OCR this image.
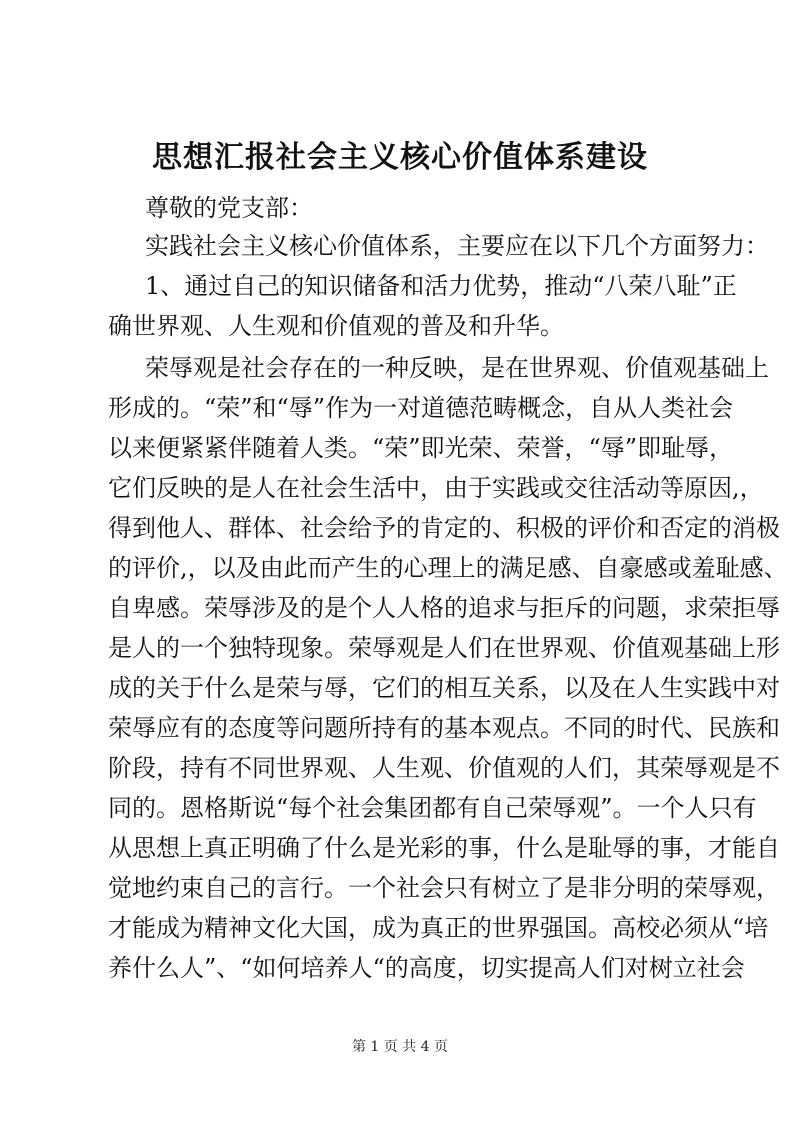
思想汇报社会主义核心价值体系建设
尊敬的党支部：
实践社会主义核心价值体系，主要应在以下几个方面努力：
1、通过自己的知识储备和活力优势，推动“八荣八耻”正
确世界观、人生观和价值观的普及和升华。
荣辱观是社会存在的一种反映，是在世界观、价值观基础上
形成的。“荣”和“辱”作为一对道德范畴概念，自从人类社会
以来便紧紧伴随着人类。“荣”即光荣、荣誉，“辱”即耻辱，
它们反映的是人在社会生活中，由于实践或交往活动等原因,，
得到他人、群体、社会给予的肯定的、积极的评价和否定的消极
的评价,，以及由此而产生的心理上的满足感、自豪感或羞耻感、
自卑感。荣辱涉及的是个人人格的追求与拒斥的问题，求荣拒辱
是人的一个独特现象。荣辱观是人们在世界观、价值观基础上形
成的关于什么是荣与辱，它们的相互关系，以及在人生实践中对
荣辱应有的态度等问题所持有的基本观点。不同的时代、民族和
阶段，持有不同世界观、人生观、价值观的人们，其荣辱观是不
同的。恩格斯说“每个社会集团都有自己荣辱观”。一个人只有
从思想上真正明确了什么是光彩的事，什么是耻辱的事，才能自
觉地约束自己的言行。一个社会只有树立了是非分明的荣辱观，
才能成为精神文化大国，成为真正的世界强国。高校必须从“培
养什么人”、“如何培养人“的高度，切实提高人们对树立社会
第 1 页 共 4 页
